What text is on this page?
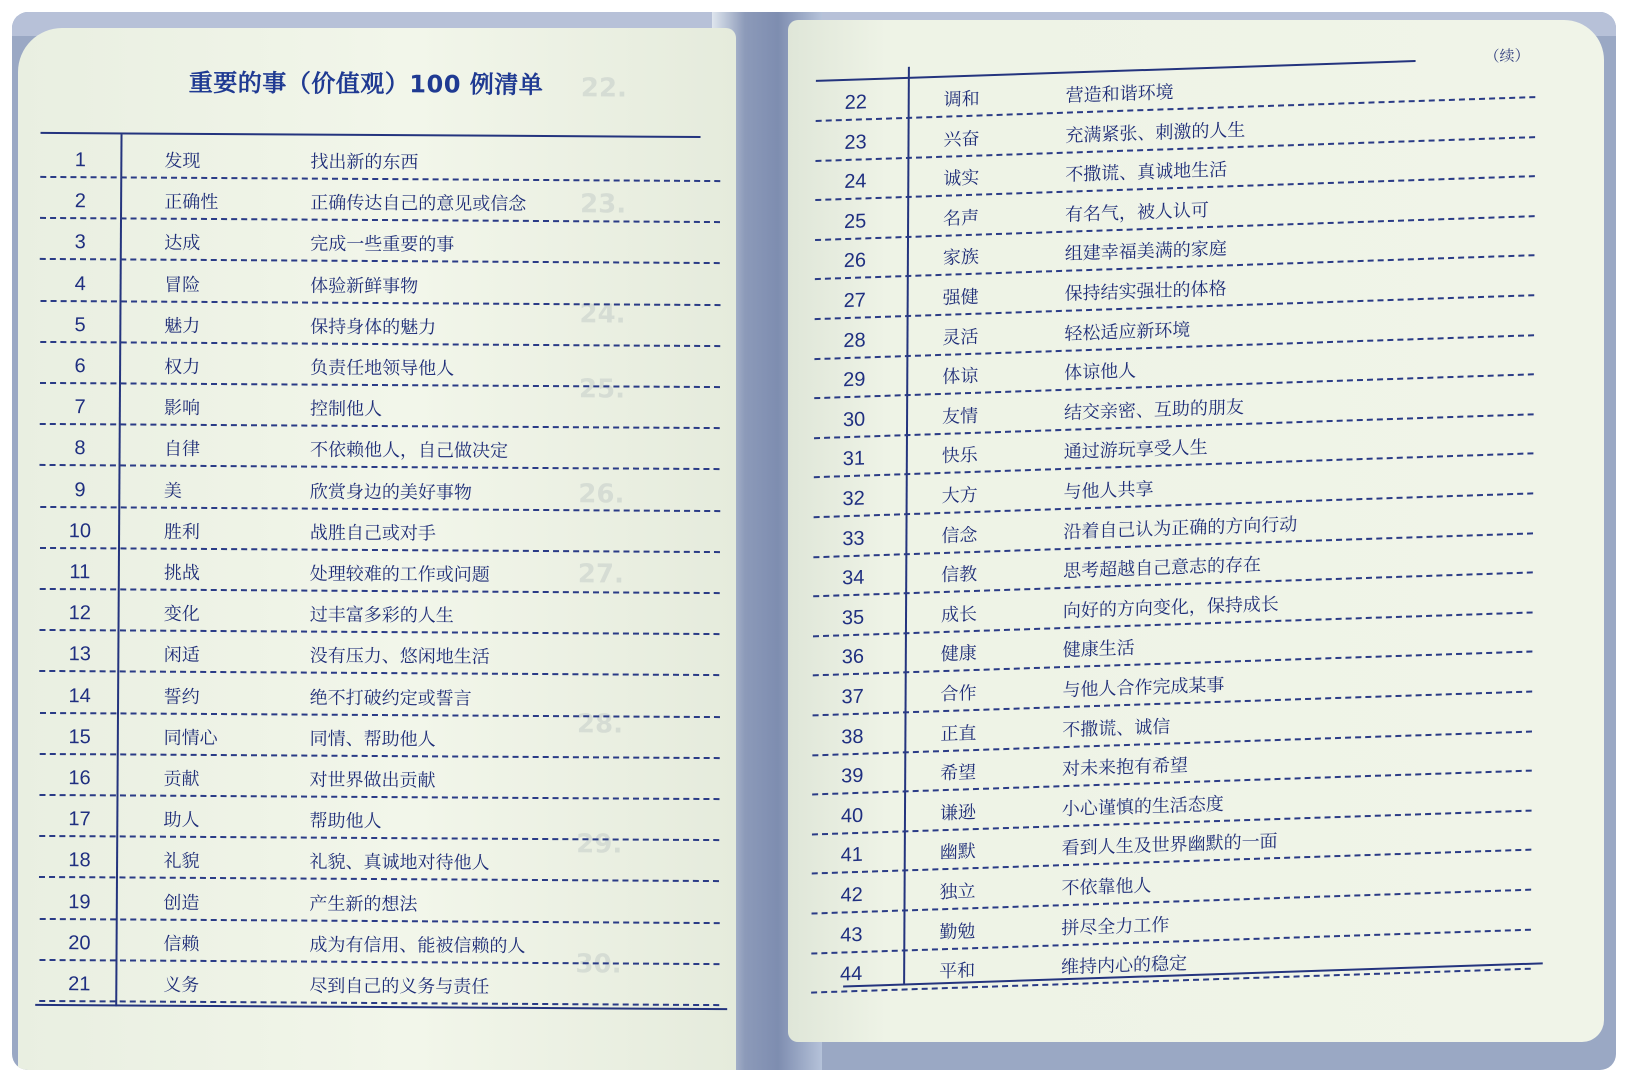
22.
23.
24.
25.
26.
27.
28.
29.
30.
重要的事（价值观）100 例清单
1	发现	找出新的东西
2	正确性	正确传达自己的意见或信念
3	达成	完成一些重要的事
4	冒险	体验新鲜事物
5	魅力	保持身体的魅力
6	权力	负责任地领导他人
7	影响	控制他人
8	自律	不依赖他人，自己做决定
9	美	欣赏身边的美好事物
10	胜利	战胜自己或对手
11	挑战	处理较难的工作或问题
12	变化	过丰富多彩的人生
13	闲适	没有压力、悠闲地生活
14	誓约	绝不打破约定或誓言
15	同情心	同情、帮助他人
16	贡献	对世界做出贡献
17	助人	帮助他人
18	礼貌	礼貌、真诚地对待他人
19	创造	产生新的想法
20	信赖	成为有信用、能被信赖的人
21	义务	尽到自己的义务与责任
（续）
22	调和	营造和谐环境
23	兴奋	充满紧张、刺激的人生
24	诚实	不撒谎、真诚地生活
25	名声	有名气，被人认可
26	家族	组建幸福美满的家庭
27	强健	保持结实强壮的体格
28	灵活	轻松适应新环境
29	体谅	体谅他人
30	友情	结交亲密、互助的朋友
31	快乐	通过游玩享受人生
32	大方	与他人共享
33	信念	沿着自己认为正确的方向行动
34	信教	思考超越自己意志的存在
35	成长	向好的方向变化，保持成长
36	健康	健康生活
37	合作	与他人合作完成某事
38	正直	不撒谎、诚信
39	希望	对未来抱有希望
40	谦逊	小心谨慎的生活态度
41	幽默	看到人生及世界幽默的一面
42	独立	不依靠他人
43	勤勉	拼尽全力工作
44	平和	维持内心的稳定
